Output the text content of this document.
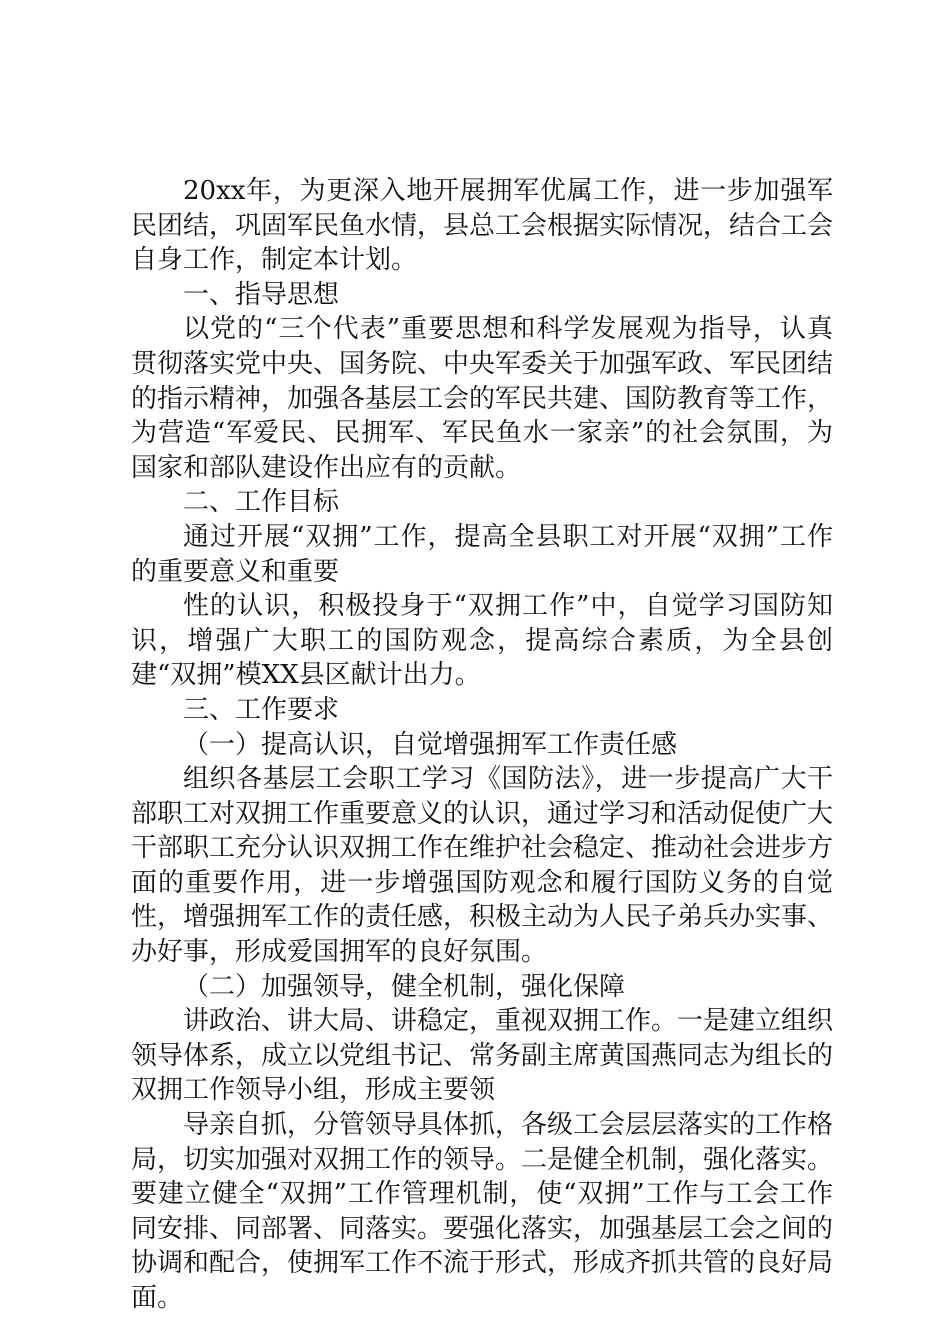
20xx年，为更深入地开展拥军优属工作，进一步加强军民团结，巩固军民鱼水情，县总工会根据实际情况，结合工会自身工作，制定本计划。

一、指导思想

以党的“三个代表”重要思想和科学发展观为指导，认真贯彻落实党中央、国务院、中央军委关于加强军政、军民团结的指示精神，加强各基层工会的军民共建、国防教育等工作，为营造“军爱民、民拥军、军民鱼水一家亲”的社会氛围，为国家和部队建设作出应有的贡献。

二、工作目标

通过开展“双拥”工作，提高全县职工对开展“双拥”工作的重要意义和重要

性的认识，积极投身于“双拥工作”中，自觉学习国防知识，增强广大职工的国防观念，提高综合素质，为全县创建“双拥”模XX县区献计出力。

三、工作要求

（一）提高认识，自觉增强拥军工作责任感

组织各基层工会职工学习《国防法》，进一步提高广大干部职工对双拥工作重要意义的认识，通过学习和活动促使广大干部职工充分认识双拥工作在维护社会稳定、推动社会进步方面的重要作用，进一步增强国防观念和履行国防义务的自觉性，增强拥军工作的责任感，积极主动为人民子弟兵办实事、办好事，形成爱国拥军的良好氛围。

（二）加强领导，健全机制，强化保障

讲政治、讲大局、讲稳定，重视双拥工作。一是建立组织领导体系，成立以党组书记、常务副主席黄国燕同志为组长的双拥工作领导小组，形成主要领

导亲自抓，分管领导具体抓，各级工会层层落实的工作格局，切实加强对双拥工作的领导。二是健全机制，强化落实。要建立健全“双拥”工作管理机制，使“双拥”工作与工会工作同安排、同部署、同落实。要强化落实，加强基层工会之间的协调和配合，使拥军工作不流于形式，形成齐抓共管的良好局面。
